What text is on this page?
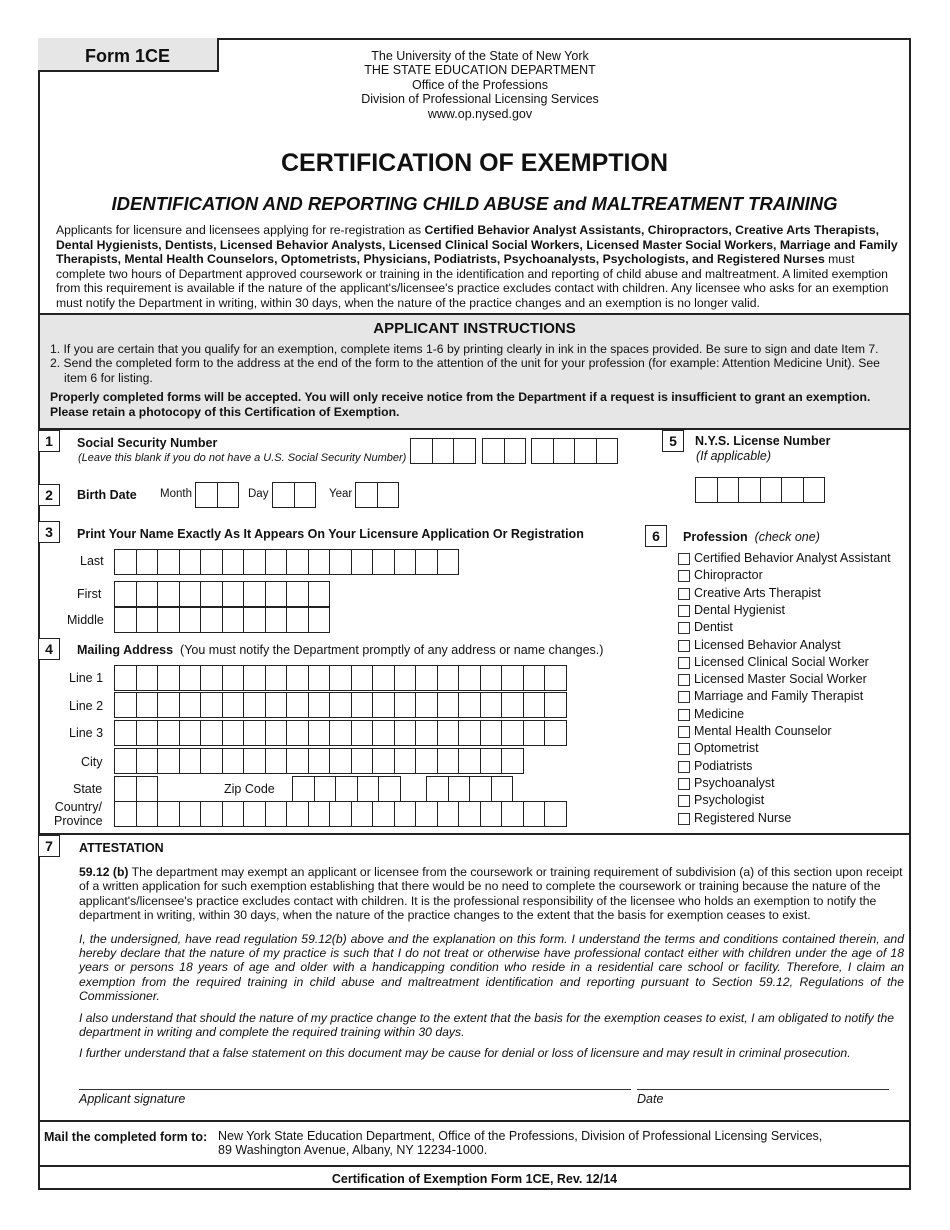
Form 1CE	The University of the State of New York
THE STATE EDUCATION DEPARTMENT
Office of the Professions
Division of Professional Licensing Services
www.op.nysed.gov
CERTIFICATION OF EXEMPTION
IDENTIFICATION AND REPORTING CHILD ABUSE and MALTREATMENT TRAINING
Applicants for licensure and licensees applying for re-registration as Certified Behavior Analyst Assistants, Chiropractors, Creative Arts Therapists, Dental Hygienists, Dentists, Licensed Behavior Analysts, Licensed Clinical Social Workers, Licensed Master Social Workers, Marriage and Family Therapists, Mental Health Counselors, Optometrists, Physicians, Podiatrists, Psychoanalysts, Psychologists, and Registered Nurses must complete two hours of Department approved coursework or training in the identification and reporting of child abuse and maltreatment. A limited exemption from this requirement is available if the nature of the applicant's/licensee's practice excludes contact with children. Any licensee who asks for an exemption must notify the Department in writing, within 30 days, when the nature of the practice changes and an exemption is no longer valid.
APPLICANT INSTRUCTIONS
1. If you are certain that you qualify for an exemption, complete items 1-6 by printing clearly in ink in the spaces provided. Be sure to sign and date Item 7.
2. Send the completed form to the address at the end of the form to the attention of the unit for your profession (for example: Attention Medicine Unit). See item 6 for listing.
Properly completed forms will be accepted. You will only receive notice from the Department if a request is insufficient to grant an exemption. Please retain a photocopy of this Certification of Exemption.
1	Social Security Number
(Leave this blank if you do not have a U.S. Social Security Number)
5	N.Y.S. License Number
(If applicable)
2	Birth Date Month	Day	Year
3	Print Your Name Exactly As It Appears On Your Licensure Application Or Registration
Last
First
Middle
6	Profession (check one)
Certified Behavior Analyst Assistant
Chiropractor
Creative Arts Therapist
Dental Hygienist
Dentist
Licensed Behavior Analyst
Licensed Clinical Social Worker
Licensed Master Social Worker
Marriage and Family Therapist
Medicine
Mental Health Counselor
Optometrist
Podiatrists
Psychoanalyst
Psychologist
Registered Nurse
4	Mailing Address (You must notify the Department promptly of any address or name changes.)
Line 1
Line 2
Line 3
City
State	Zip Code
Country/
Province
7	ATTESTATION

59.12 (b) The department may exempt an applicant or licensee from the coursework or training requirement of subdivision (a) of this section upon receipt of a written application for such exemption establishing that there would be no need to complete the coursework or training because the nature of the applicant's/licensee's practice excludes contact with children. It is the professional responsibility of the licensee who holds an exemption to notify the department in writing, within 30 days, when the nature of the practice changes to the extent that the basis for exemption ceases to exist.

I, the undersigned, have read regulation 59.12(b) above and the explanation on this form. I understand the terms and conditions contained therein, and hereby declare that the nature of my practice is such that I do not treat or otherwise have professional contact either with children under the age of 18 years or persons 18 years of age and older with a handicapping condition who reside in a residential care school or facility. Therefore, I claim an exemption from the required training in child abuse and maltreatment identification and reporting pursuant to Section 59.12, Regulations of the Commissioner.

I also understand that should the nature of my practice change to the extent that the basis for the exemption ceases to exist, I am obligated to notify the department in writing and complete the required training within 30 days.

I further understand that a false statement on this document may be cause for denial or loss of licensure and may result in criminal prosecution.

Applicant signature	Date
Mail the completed form to: New York State Education Department, Office of the Professions, Division of Professional Licensing Services,
89 Washington Avenue, Albany, NY 12234-1000.
Certification of Exemption Form 1CE, Rev. 12/14
